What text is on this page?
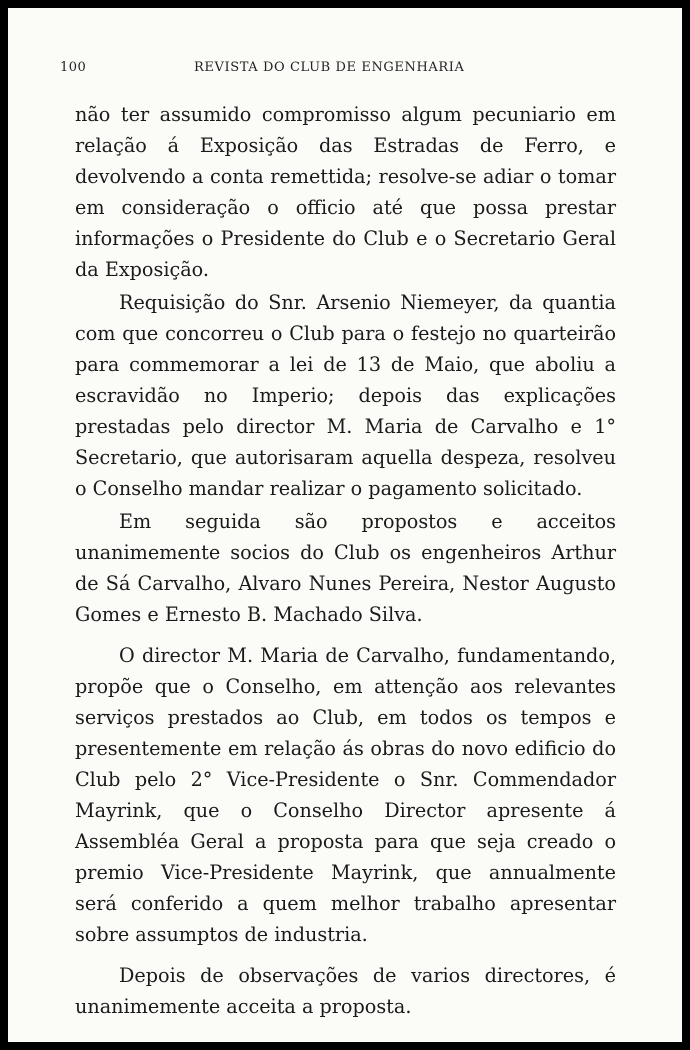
100	REVISTA DO CLUB DE ENGENHARIA

não ter assumido compromisso algum pecuniario em relação á Exposição das Estradas de Ferro, e devolvendo a conta remettida; resolve-se adiar o tomar em consideração o officio até que possa prestar informações o Presidente do Club e o Secretario Geral da Exposição.

Requisição do Snr. Arsenio Niemeyer, da quantia com que concorreu o Club para o festejo no quarteirão para commemorar a lei de 13 de Maio, que aboliu a escravidão no Imperio; depois das explicações prestadas pelo director M. Maria de Carvalho e 1° Secretario, que autorisaram aquella despeza, resolveu o Conselho mandar realizar o pagamento solicitado.

Em seguida são propostos e acceitos unanimemente socios do Club os engenheiros Arthur de Sá Carvalho, Alvaro Nunes Pereira, Nestor Augusto Gomes e Ernesto B. Machado Silva.

O director M. Maria de Carvalho, fundamentando, propõe que o Conselho, em attenção aos relevantes serviços prestados ao Club, em todos os tempos e presentemente em relação ás obras do novo edificio do Club pelo 2° Vice-Presidente o Snr. Commendador Mayrink, que o Conselho Director apresente á Assembléa Geral a proposta para que seja creado o premio Vice-Presidente Mayrink, que annualmente será conferido a quem melhor trabalho apresentar sobre assumptos de industria.

Depois de observações de varios directores, é unanimemente acceita a proposta.
